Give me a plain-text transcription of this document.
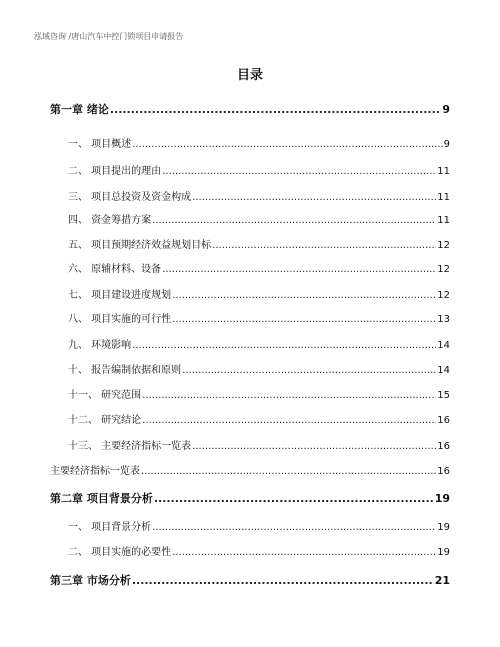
泓域咨询 /唐山汽车中控门锁项目申请报告
目录
第一章 绪论 .....	9
一、 项目概述 .....	9
二、 项目提出的理由 .....	11
三、 项目总投资及资金构成 .....	11
四、 资金筹措方案 .....	11
五、 项目预期经济效益规划目标 .....	12
六、 原辅材料、设备 .....	12
七、 项目建设进度规划 .....	12
八、 项目实施的可行性 .....	13
九、 环境影响 .....	14
十、 报告编制依据和原则 .....	14
十一、 研究范围 .....	15
十二、 研究结论 .....	16
十三、 主要经济指标一览表 .....	16
主要经济指标一览表 .....	16
第二章 项目背景分析 .....	19
一、 项目背景分析 .....	19
二、 项目实施的必要性 .....	19
第三章 市场分析 .....	21
